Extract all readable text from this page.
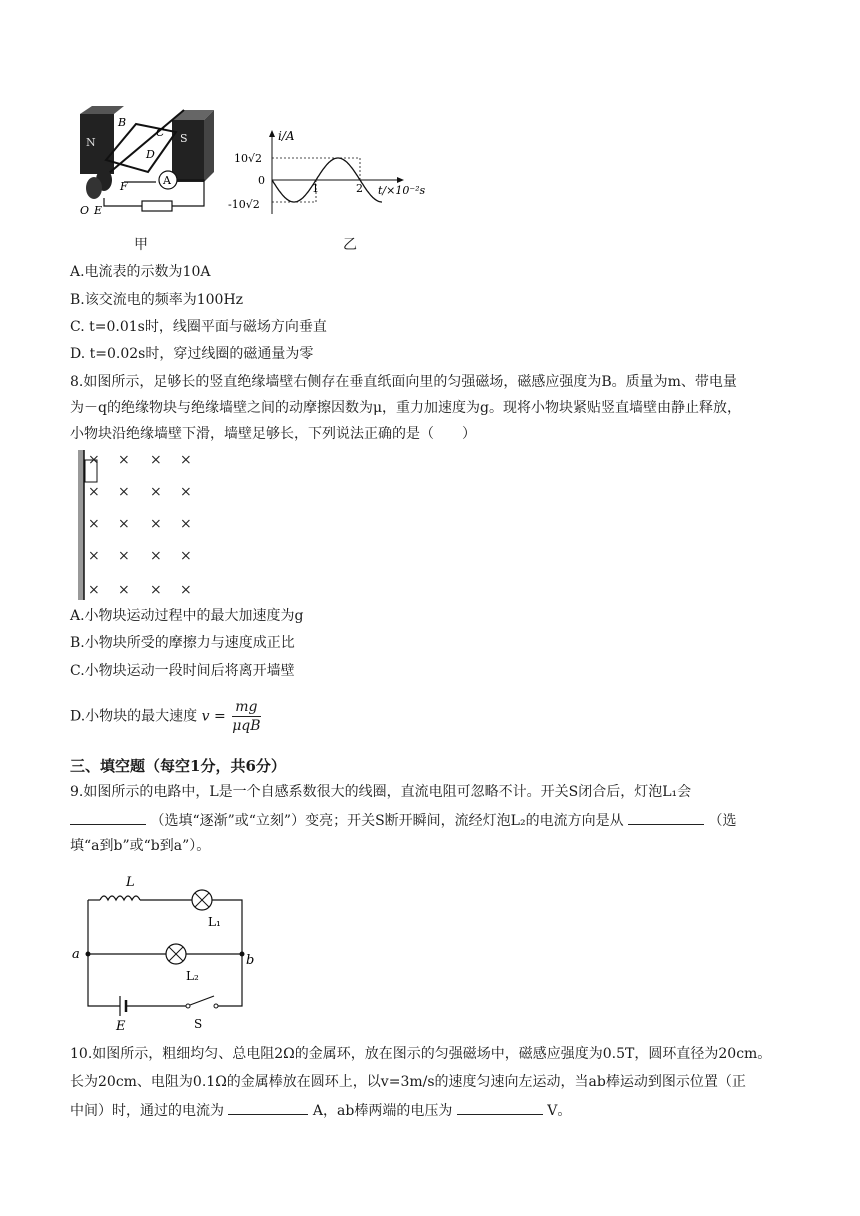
N	S
B
C
D
F
O E
A
i/A
10√2
0
-10√2
1	2 t/×10⁻²s
甲	乙
A.电流表的示数为10A
B.该交流电的频率为100Hz
C. t=0.01s时，线圈平面与磁场方向垂直
D. t=0.02s时，穿过线圈的磁通量为零
8.如图所示，足够长的竖直绝缘墙壁右侧存在垂直纸面向里的匀强磁场，磁感应强度为B。质量为m、带电量
为－q的绝缘物块与绝缘墙壁之间的动摩擦因数为μ，重力加速度为g。现将小物块紧贴竖直墙壁由静止释放，
小物块沿绝缘墙壁下滑，墙壁足够长，下列说法正确的是（　　）
× × × ×
× × × ×
× × × ×
× × × ×
× × × ×
A.小物块运动过程中的最大加速度为g
B.小物块所受的摩擦力与速度成正比
C.小物块运动一段时间后将离开墙壁
D.小物块的最大速度 $v = \frac{mg}{\text{μqB}}$
三、填空题（每空1分，共6分）
9.如图所示的电路中，L是一个自感系数很大的线圈，直流电阻可忽略不计。开关S闭合后，灯泡L₁会
（选填“逐渐”或“立刻”）变亮；开关S断开瞬间，流经灯泡L₂的电流方向是从	（选
填“a到b”或“b到a”）。
L
L₁
L₂
a	b
E	S
10.如图所示，粗细均匀、总电阻2Ω的金属环，放在图示的匀强磁场中，磁感应强度为0.5T，圆环直径为20cm。
长为20cm、电阻为0.1Ω的金属棒放在圆环上，以v=3m/s的速度匀速向左运动，当ab棒运动到图示位置（正
中间）时，通过的电流为	A，ab棒两端的电压为	V。
